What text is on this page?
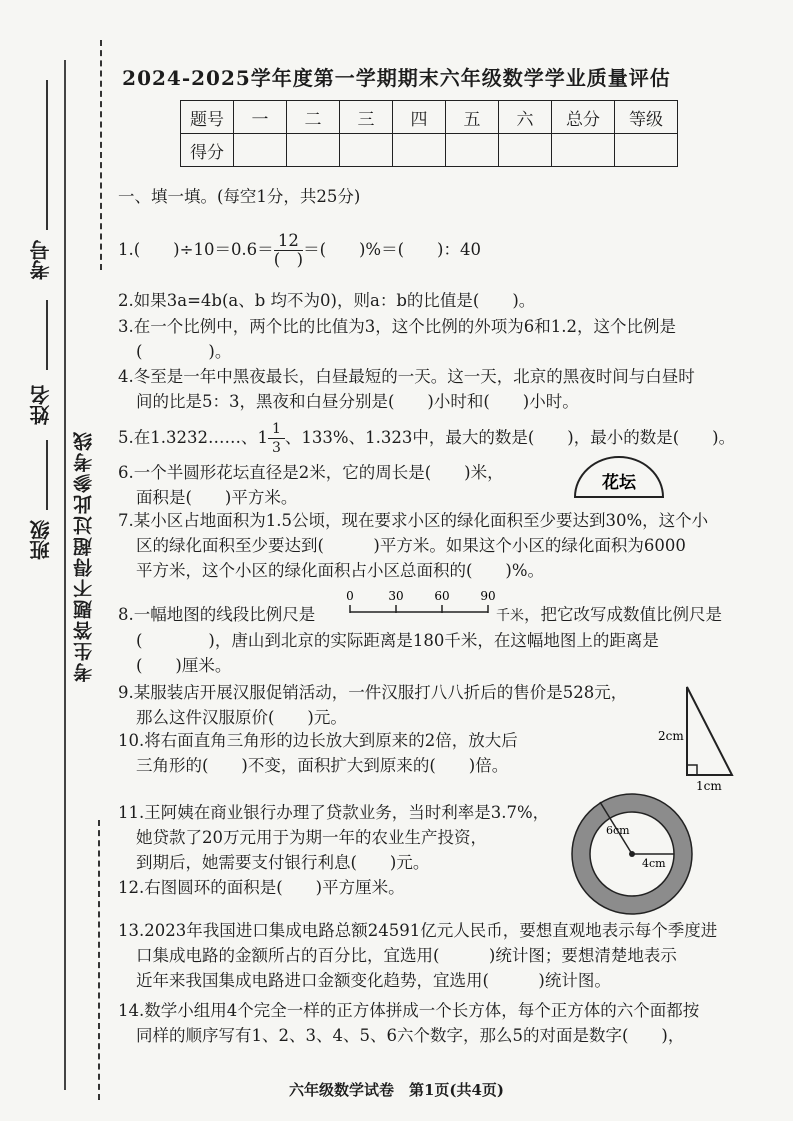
考号
姓名
班级 考生答题不得超过此参考线
2024-2025学年度第一学期期末六年级数学学业质量评估
题号	一	二	三	四	五	六	总分	等级
得分								
一、填一填。(每空1分，共25分)
1.(　　)$\div 10=0.6= \frac{12}{( )}$ ＝(　　)%＝(　　)：40
2.如果3a=4b(a、b 均不为0)，则a：b的比值是(　　)。
3.在一个比例中，两个比的比值为3，这个比例的外项为6和1.2，这个比例是
(　　　　)。
4.冬至是一年中黑夜最长，白昼最短的一天。这一天，北京的黑夜时间与白昼时
间的比是5：3，黑夜和白昼分别是(　　)小时和(　　)小时。
5.在1.3232……、$1 \frac{1}{3}$ 、133%、1.323中，最大的数是(　　)，最小的数是(　　)。
6.一个半圆形花坛直径是2米，它的周长是(　　)米，
面积是(　　)平方米。
花坛
7.某小区占地面积为1.5公顷，现在要求小区的绿化面积至少要达到30%，这个小
区的绿化面积至少要达到(　　　)平方米。如果这个小区的绿化面积为6000
平方米，这个小区的绿化面积占小区总面积的(　　)%。
8.一幅地图的线段比例尺是
0	30	60	90
千米，把它改写成数值比例尺是
(　　　　)，唐山到北京的实际距离是180千米，在这幅地图上的距离是
(　　)厘米。
9.某服装店开展汉服促销活动，一件汉服打八八折后的售价是528元，
那么这件汉服原价(　　)元。
10.将右面直角三角形的边长放大到原来的2倍，放大后
三角形的(　　)不变，面积扩大到原来的(　　)倍。
2cm
1cm
11.王阿姨在商业银行办理了贷款业务，当时利率是3.7%，
她贷款了20万元用于为期一年的农业生产投资，
到期后，她需要支付银行利息(　　)元。
12.右图圆环的面积是(　　)平方厘米。
6cm
4cm
13.2023年我国进口集成电路总额24591亿元人民币，要想直观地表示每个季度进
口集成电路的金额所占的百分比，宜选用(　　　)统计图；要想清楚地表示
近年来我国集成电路进口金额变化趋势，宜选用(　　　)统计图。
14.数学小组用4个完全一样的正方体拼成一个长方体，每个正方体的六个面都按
同样的顺序写有1、2、3、4、5、6六个数字，那么5的对面是数字(　　)，
六年级数学试卷　第1页(共4页)
